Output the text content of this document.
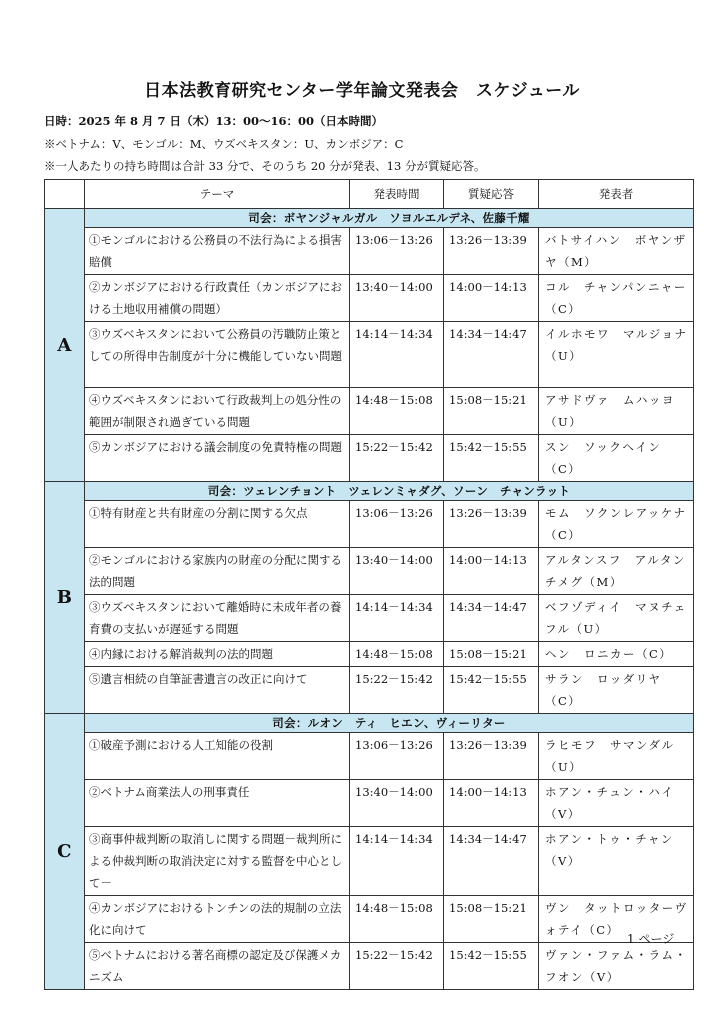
日本法教育研究センター学年論文発表会　スケジュール
日時：2025 年 8 月 7 日（木）13：00〜16：00（日本時間）
※ベトナム：V、モンゴル：M、ウズベキスタン：U、カンボジア：C
※一人あたりの持ち時間は合計 33 分で、そのうち 20 分が発表、13 分が質疑応答。
	テーマ	発表時間	質疑応答	発表者
A	司会：ボヤンジャルガル　ソヨルエルデネ、佐藤千耀			
	①モンゴルにおける公務員の不法行為による損害賠償	13:06－13:26	13:26－13:39	バトサイハン　ボヤンザヤ（M）
	②カンボジアにおける行政責任（カンボジアにおける土地収用補償の問題）	13:40－14:00	14:00－14:13	コル　チャンパンニャー（C）
	③ウズベキスタンにおいて公務員の汚職防止策としての所得申告制度が十分に機能していない問題	14:14－14:34	14:34－14:47	イルホモワ　マルジョナ（U）
	④ウズベキスタンにおいて行政裁判上の処分性の範囲が制限され過ぎている問題	14:48－15:08	15:08－15:21	アサドヴァ　ムハッヨ（U）
	⑤カンボジアにおける議会制度の免責特権の問題	15:22－15:42	15:42－15:55	スン　ソックヘイン（C）
B	司会：ツェレンチョント　ツェレンミャダグ、ソーン　チャンラット			
	①特有財産と共有財産の分割に関する欠点	13:06－13:26	13:26－13:39	モム　ソクンレアッケナ（C）
	②モンゴルにおける家族内の財産の分配に関する法的問題	13:40－14:00	14:00－14:13	アルタンスフ　アルタンチメグ（M）
	③ウズベキスタンにおいて離婚時に未成年者の養育費の支払いが遅延する問題	14:14－14:34	14:34－14:47	ベフゾディイ　マヌチェフル（U）
	④内縁における解消裁判の法的問題	14:48－15:08	15:08－15:21	ヘン　ロニカー（C）
	⑤遺言相続の自筆証書遺言の改正に向けて	15:22－15:42	15:42－15:55	サラン　ロッダリヤ（C）
C	司会：ルオン　ティ　ヒエン、ヴィーリター			
	①破産予測における人工知能の役割	13:06－13:26	13:26－13:39	ラヒモフ　サマンダル（U）
	②ベトナム商業法人の刑事責任	13:40－14:00	14:00－14:13	ホアン・チュン・ハイ（V）
	③商事仲裁判断の取消しに関する問題－裁判所による仲裁判断の取消決定に対する監督を中心として－	14:14－14:34	14:34－14:47	ホアン・トゥ・チャン（V）
	④カンボジアにおけるトンチンの法的規制の立法化に向けて	14:48－15:08	15:08－15:21	ヴン　タットロッターヴォテイ（C）
	⑤ベトナムにおける著名商標の認定及び保護メカニズム	15:22－15:42	15:42－15:55	ヴァン・ファム・ラム・フオン（V）
1 ページ
